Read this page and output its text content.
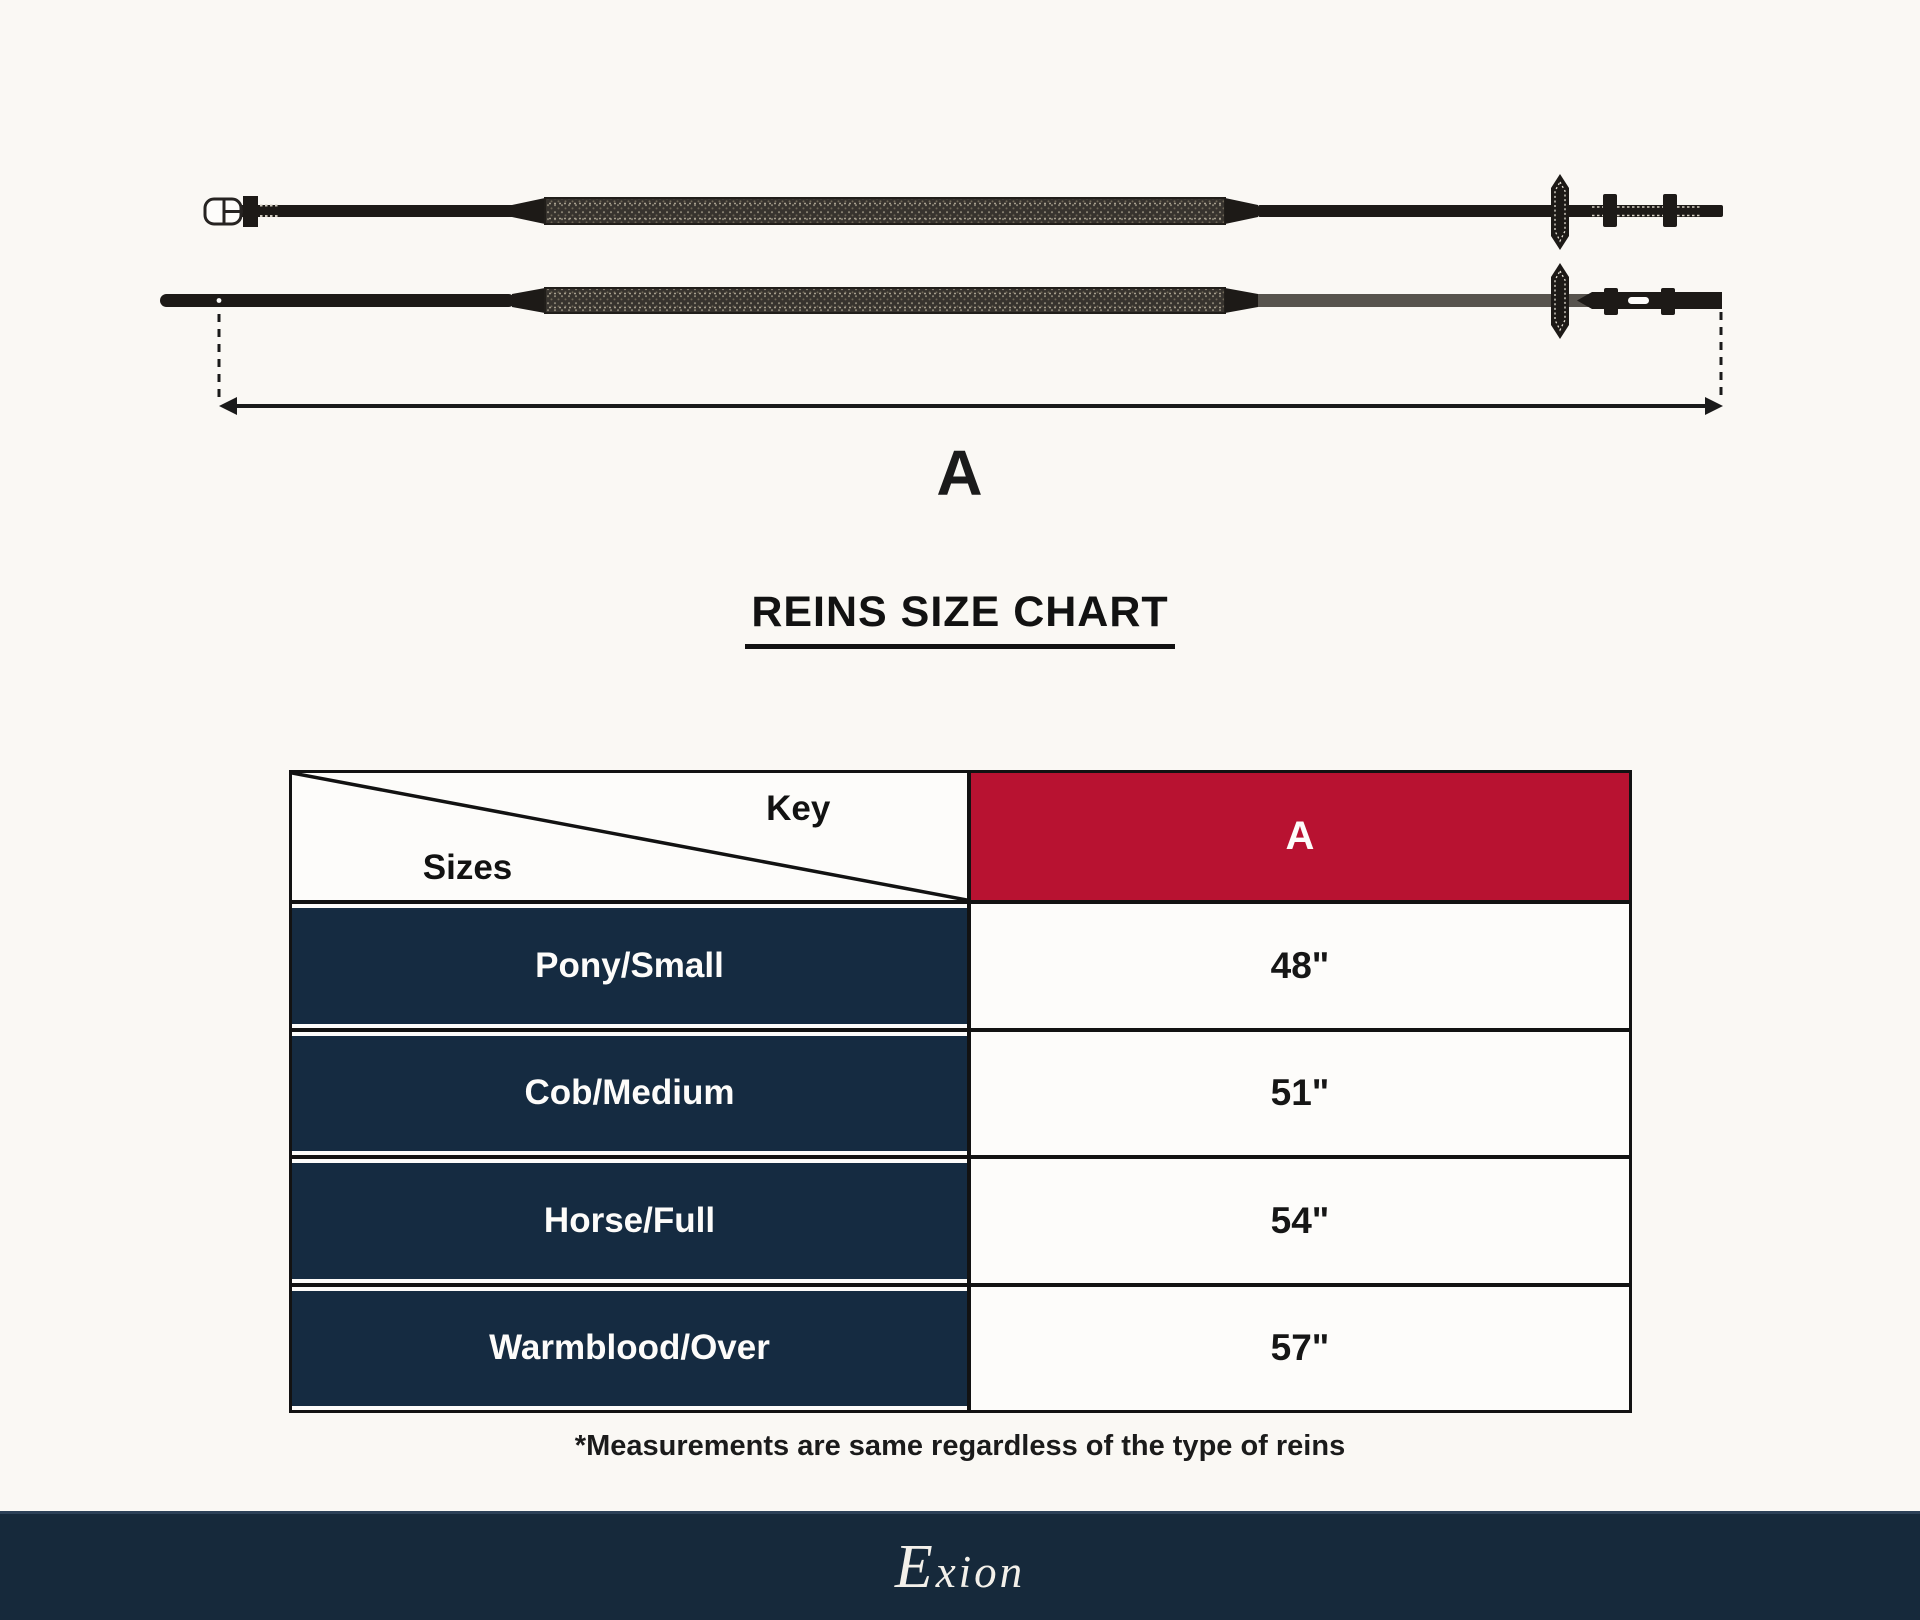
A
REINS SIZE CHART
Key
Sizes
A
Pony/Small	48"
Cob/Medium	51"
Horse/Full	54"
Warmblood/Over	57"
*Measurements are same regardless of the type of reins
Exion
